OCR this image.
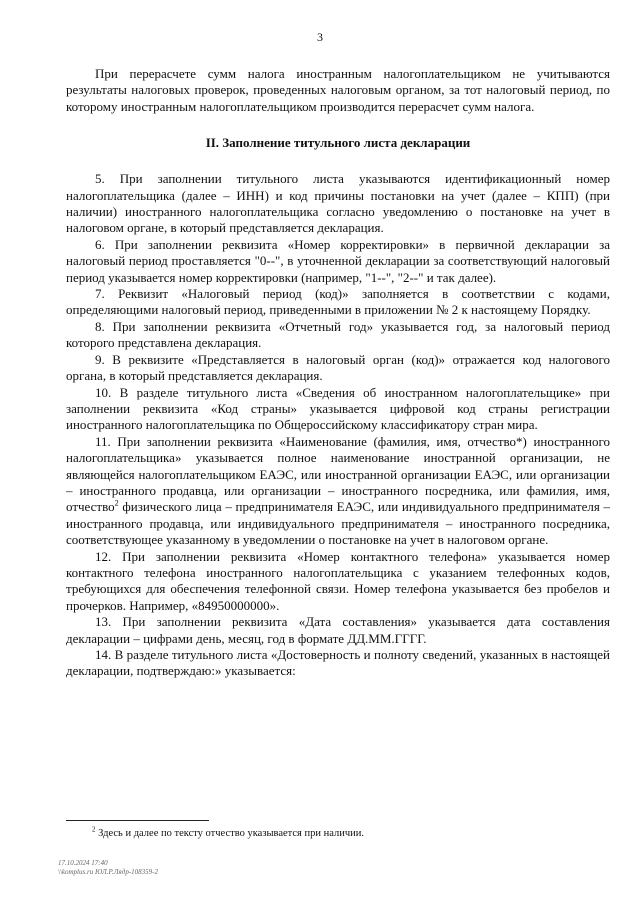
3

При перерасчете сумм налога иностранным налогоплательщиком не учитываются результаты налоговых проверок, проведенных налоговым органом, за тот налоговый период, по которому иностранным налогоплательщиком производится перерасчет сумм налога.

II. Заполнение титульного листа декларации

5. При заполнении титульного листа указываются идентификационный номер налогоплательщика (далее – ИНН) и код причины постановки на учет (далее – КПП) (при наличии) иностранного налогоплательщика согласно уведомлению о постановке на учет в налоговом органе, в который представляется декларация.

6. При заполнении реквизита «Номер корректировки» в первичной декларации за налоговый период проставляется "0--", в уточненной декларации за соответствующий налоговый период указывается номер корректировки (например, "1--", "2--" и так далее).

7. Реквизит «Налоговый период (код)» заполняется в соответствии с кодами, определяющими налоговый период, приведенными в приложении № 2 к настоящему Порядку.

8. При заполнении реквизита «Отчетный год» указывается год, за налоговый период которого представлена декларация.

9. В реквизите «Представляется в налоговый орган (код)» отражается код налогового органа, в который представляется декларация.

10. В разделе титульного листа «Сведения об иностранном налогоплательщике» при заполнении реквизита «Код страны» указывается цифровой код страны регистрации иностранного налогоплательщика по Общероссийскому классификатору стран мира.

11. При заполнении реквизита «Наименование (фамилия, имя, отчество*) иностранного налогоплательщика» указывается полное наименование иностранной организации, не являющейся налогоплательщиком ЕАЭС, или иностранной организации ЕАЭС, или организации – иностранного продавца, или организации – иностранного посредника, или фамилия, имя, отчество$^2$ физического лица – предпринимателя ЕАЭС, или индивидуального предпринимателя – иностранного продавца, или индивидуального предпринимателя – иностранного посредника, соответствующее указанному в уведомлении о постановке на учет в налоговом органе.

12. При заполнении реквизита «Номер контактного телефона» указывается номер контактного телефона иностранного налогоплательщика с указанием телефонных кодов, требующихся для обеспечения телефонной связи. Номер телефона указывается без пробелов и прочерков. Например, «84950000000».

13. При заполнении реквизита «Дата составления» указывается дата составления декларации – цифрами день, месяц, год в формате ДД.ММ.ГГГГ.

14. В разделе титульного листа «Достоверность и полноту сведений, указанных в настоящей декларации, подтверждаю:» указывается:

$^2$ Здесь и далее по тексту отчество указывается при наличии.
17.10.2024 17:40
\\komplus.ru ЮЛ.Р.Лядр-108359-2
